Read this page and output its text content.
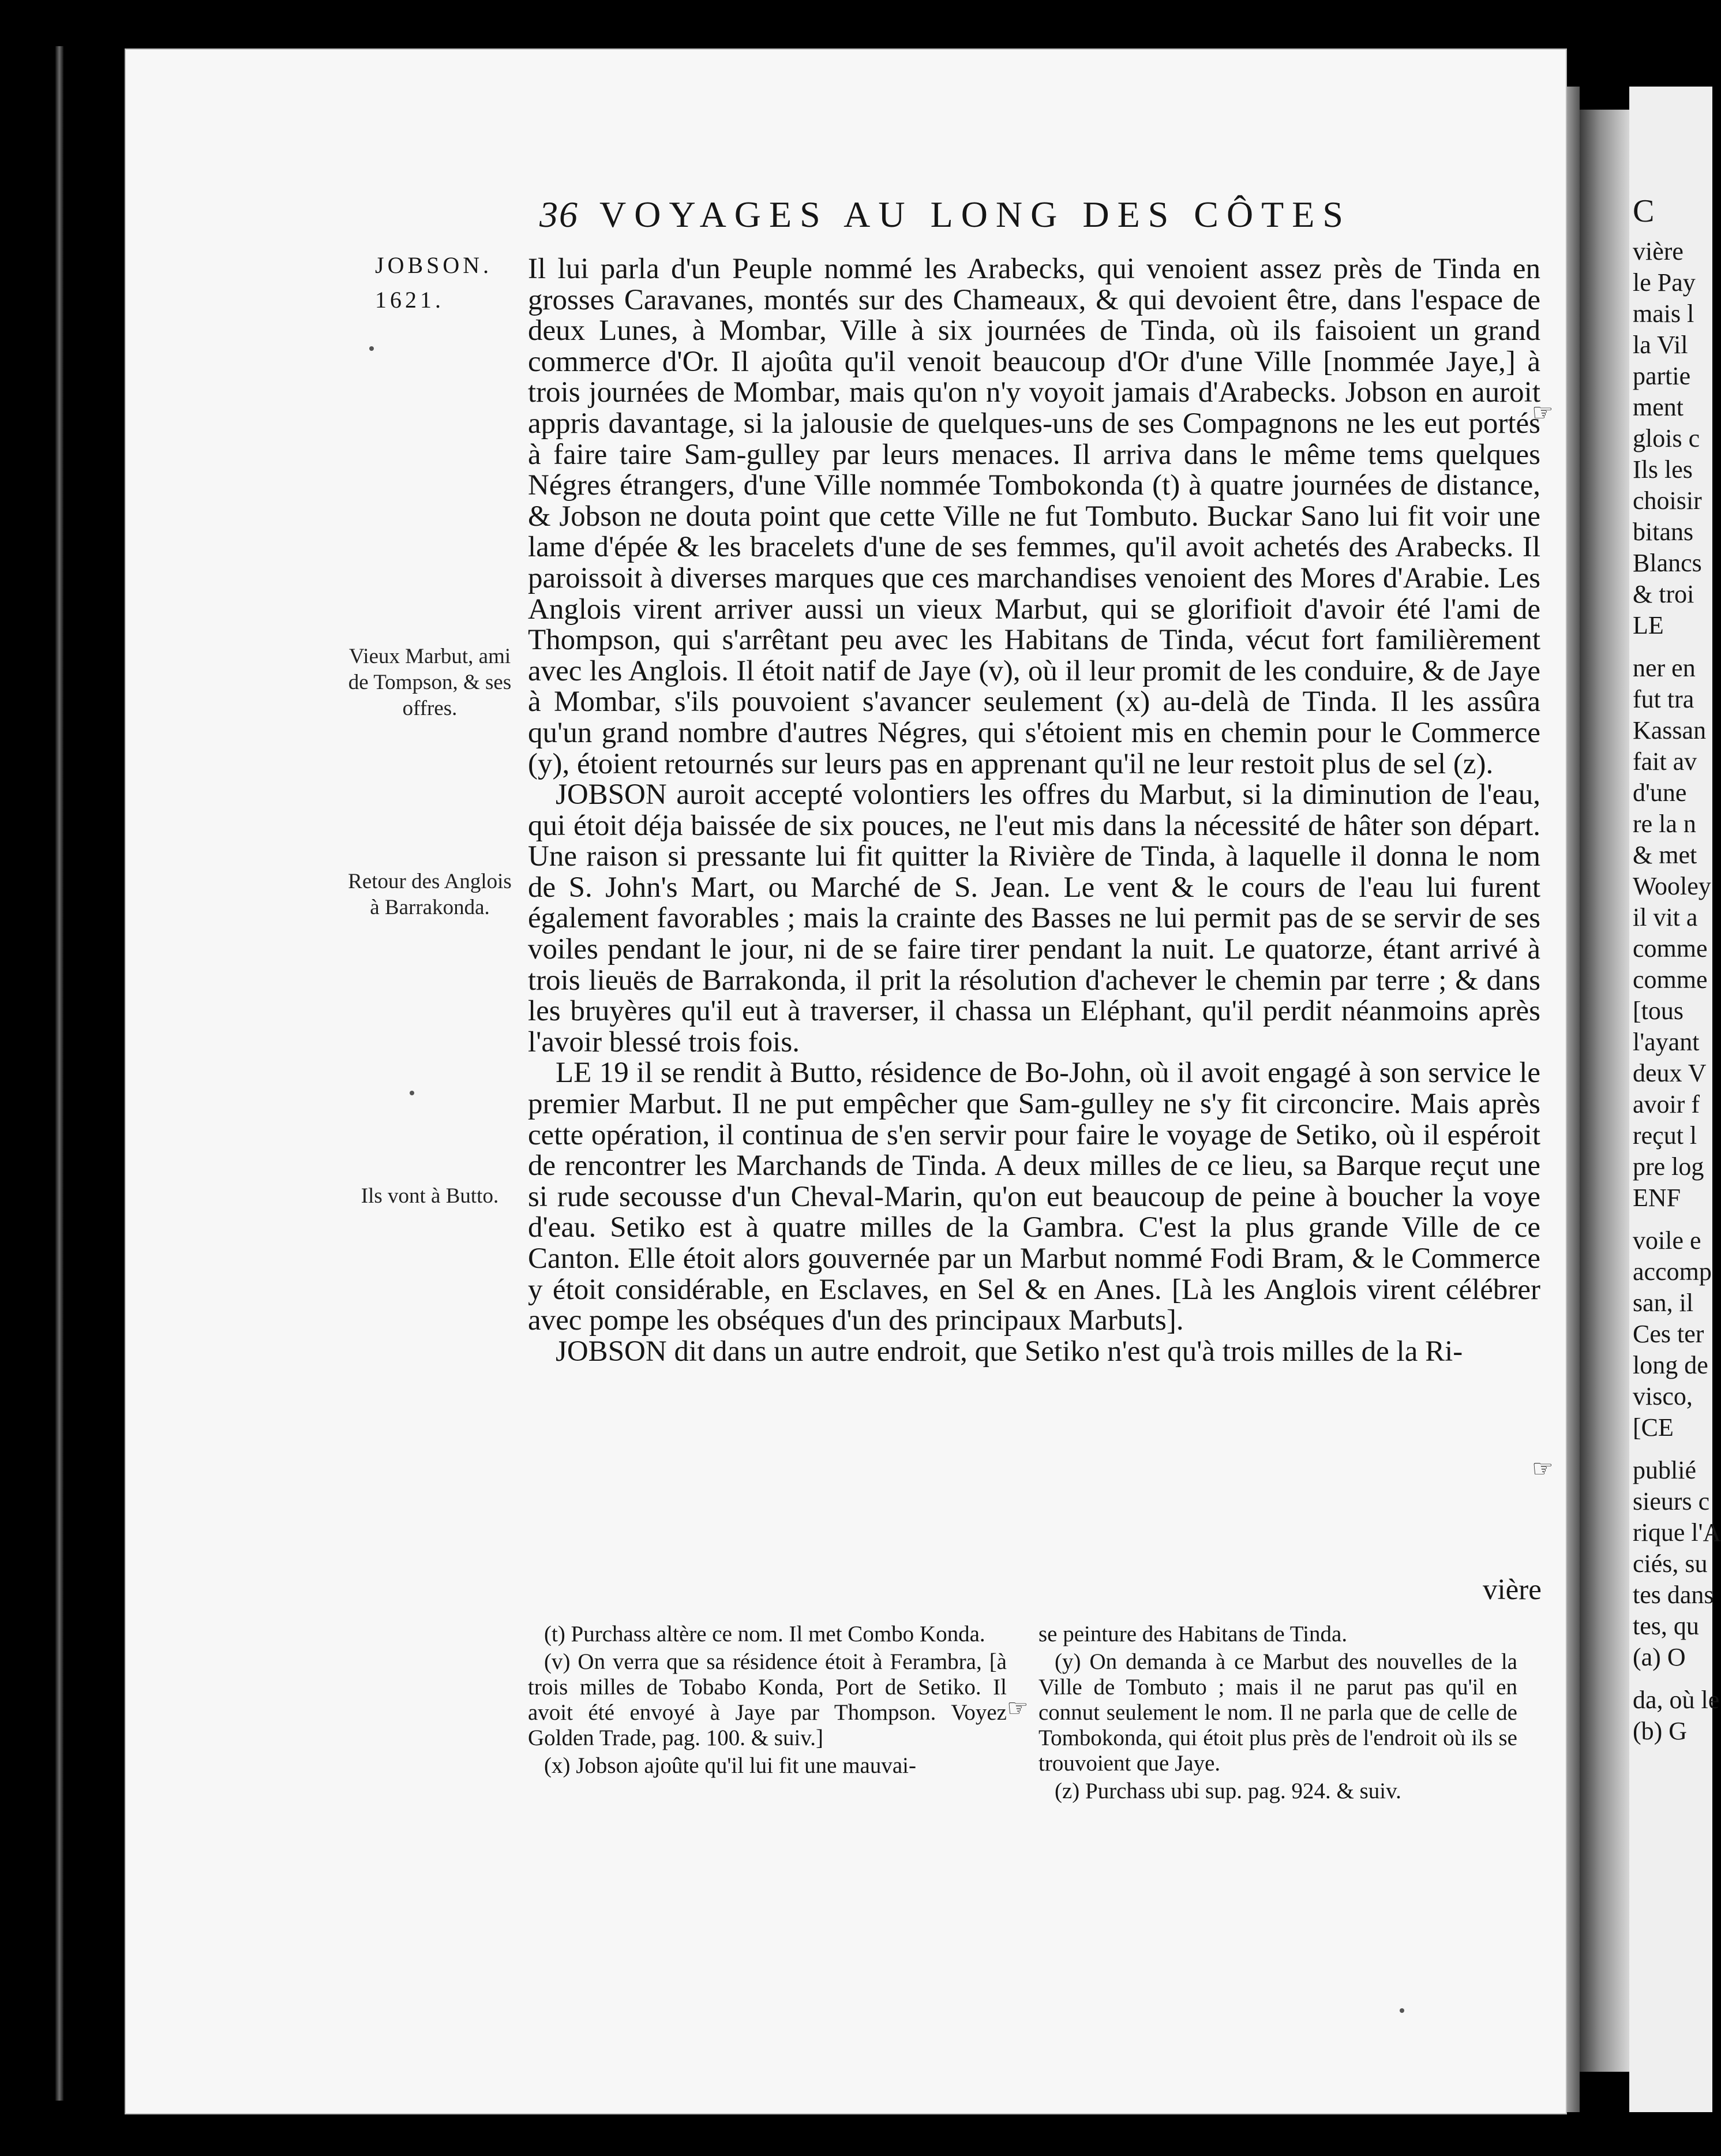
C
vière
le Pay
mais l
la Vil
partie
ment
glois c
Ils les
choisir
bitans
Blancs
& troi
LE
ner en
fut tra
Kassan
fait av
d'une
re la n
& met
Wooley
il vit a
comme
comme
[tous
l'ayant
deux V
avoir f
reçut l
pre log
ENF
voile e
accomp
san, il
Ces ter
long de
visco,
[CE
publié
sieurs c
rique l'A
ciés, su
tes dans
tes, qu
(a) O
da, où le
(b) G
36 VOYAGES AU LONG DES CÔTES
JOBSON.
1621.
Vieux Marbut, ami de Tompson, & ses offres.
Retour des Anglois à Barrakonda.
Ils vont à Butto.

Il lui parla d'un Peuple nommé les Arabecks, qui venoient assez près de Tinda en grosses Caravanes, montés sur des Chameaux, & qui devoient être, dans l'espace de deux Lunes, à Mombar, Ville à six journées de Tinda, où ils faisoient un grand commerce d'Or. Il ajoûta qu'il venoit beaucoup d'Or d'une Ville [nommée Jaye,] à trois journées de Mombar, mais qu'on n'y voyoit jamais d'Arabecks. Jobson en auroit appris davantage, si la jalousie de quelques-uns de ses Compagnons ne les eut portés à faire taire Sam-gulley par leurs menaces. Il arriva dans le même tems quelques Négres étrangers, d'une Ville nommée Tombokonda (t) à quatre journées de distance, & Jobson ne douta point que cette Ville ne fut Tombuto. Buckar Sano lui fit voir une lame d'épée & les bracelets d'une de ses femmes, qu'il avoit achetés des Arabecks. Il paroissoit à diverses marques que ces marchandises venoient des Mores d'Arabie. Les Anglois virent arriver aussi un vieux Marbut, qui se glorifioit d'avoir été l'ami de Thompson, qui s'arrêtant peu avec les Habitans de Tinda, vécut fort familièrement avec les Anglois. Il étoit natif de Jaye (v), où il leur promit de les conduire, & de Jaye à Mombar, s'ils pouvoient s'avancer seulement (x) au-delà de Tinda. Il les assûra qu'un grand nombre d'autres Négres, qui s'étoient mis en chemin pour le Commerce (y), étoient retournés sur leurs pas en apprenant qu'il ne leur restoit plus de sel (z).

JOBSON auroit accepté volontiers les offres du Marbut, si la diminution de l'eau, qui étoit déja baissée de six pouces, ne l'eut mis dans la nécessité de hâter son départ. Une raison si pressante lui fit quitter la Rivière de Tinda, à laquelle il donna le nom de S. John's Mart, ou Marché de S. Jean. Le vent & le cours de l'eau lui furent également favorables ; mais la crainte des Basses ne lui permit pas de se servir de ses voiles pendant le jour, ni de se faire tirer pendant la nuit. Le quatorze, étant arrivé à trois lieuës de Barrakonda, il prit la résolution d'achever le chemin par terre ; & dans les bruyères qu'il eut à traverser, il chassa un Eléphant, qu'il perdit néanmoins après l'avoir blessé trois fois.

LE 19 il se rendit à Butto, résidence de Bo-John, où il avoit engagé à son service le premier Marbut. Il ne put empêcher que Sam-gulley ne s'y fit circoncire. Mais après cette opération, il continua de s'en servir pour faire le voyage de Setiko, où il espéroit de rencontrer les Marchands de Tinda. A deux milles de ce lieu, sa Barque reçut une si rude secousse d'un Cheval-Marin, qu'on eut beaucoup de peine à boucher la voye d'eau. Setiko est à quatre milles de la Gambra. C'est la plus grande Ville de ce Canton. Elle étoit alors gouvernée par un Marbut nommé Fodi Bram, & le Commerce y étoit considérable, en Esclaves, en Sel & en Anes. [Là les Anglois virent célébrer avec pompe les obséques d'un des principaux Marbuts].

JOBSON dit dans un autre endroit, que Setiko n'est qu'à trois milles de la Ri-

vière

(t) Purchass altère ce nom. Il met Combo Konda.

(v) On verra que sa résidence étoit à Ferambra, [à trois milles de Tobabo Konda, Port de Setiko. Il avoit été envoyé à Jaye par Thompson. Voyez Golden Trade, pag. 100. & suiv.]

(x) Jobson ajoûte qu'il lui fit une mauvai-

se peinture des Habitans de Tinda.

(y) On demanda à ce Marbut des nouvelles de la Ville de Tombuto ; mais il ne parut pas qu'il en connut seulement le nom. Il ne parla que de celle de Tombokonda, qui étoit plus près de l'endroit où ils se trouvoient que Jaye.

(z) Purchass ubi sup. pag. 924. & suiv.

☞
☞
☞
